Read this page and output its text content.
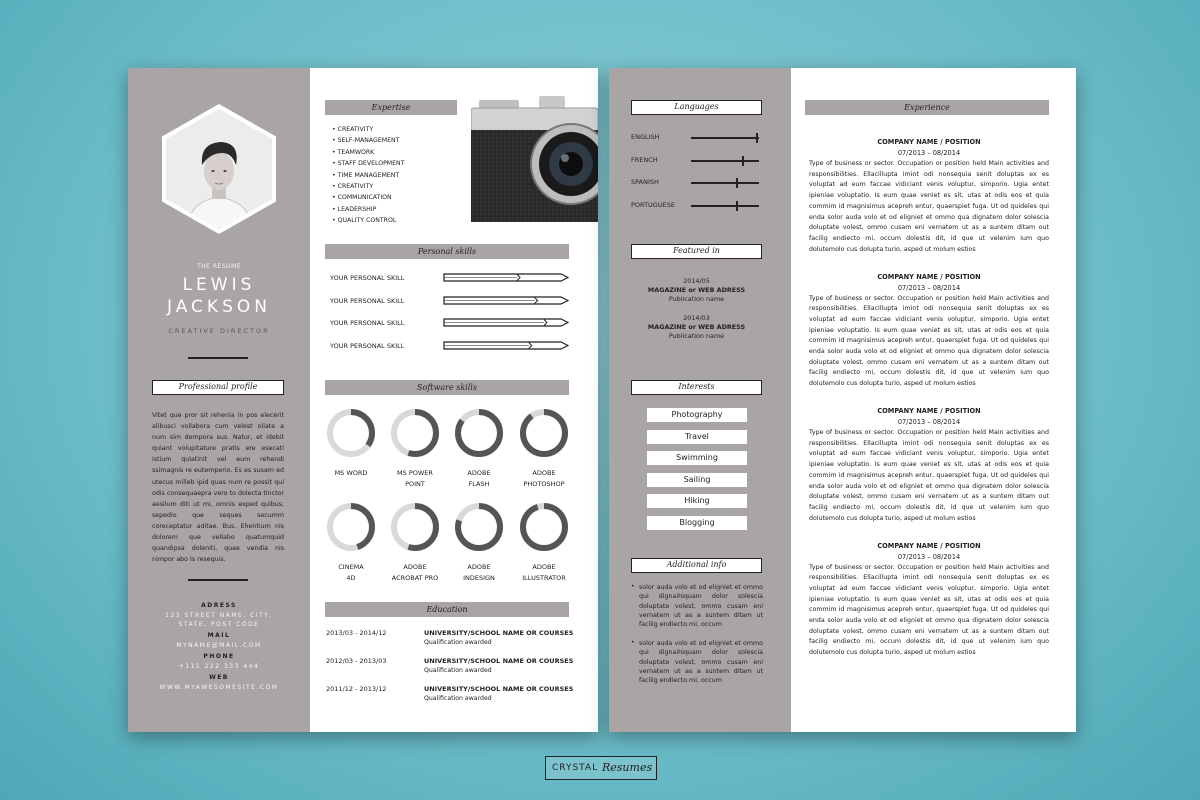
THE RESUME
LEWIS
JACKSON
CREATIVE DIRECTOR
Professional profile
Vitet que pror sit rehenia in pos elecerit alibusci vollabora cum velest oliate a num sim dempora sus. Natur, et idebit quiant volupitature pratis ere esecati istium quiatinit vel eum rehendi ssimagnis re eutemperio. Es es susam ed utecus milleb ipid quas num re possit qui odis consequaepra vero to dolecta tinctor aesilum diti ut mi, omnis exped quibus, sepedio que seques secumm coreceptatur aditae. Bus. Ehentium nis dolorem que vellabo quatumquid quandipsa doleniti, quae vendia nis nimpor abo Is resequis.
ADRESS
123 STREET NAME, CITY, STATE, POST CODE
MAIL
MYNAME@MAIL.COM
PHONE
+111 222 333 444
WEB
WWW.MYAWESOMESITE.COM
Expertise
• CREATIVITY
• SELF-MANAGEMENT
• TEAMWORK
• STAFF DEVELOPMENT
• TIME MANAGEMENT
• CREATIVITY
• COMMUNICATION
• LEADERSHIP
• QUALITY CONTROL
Personal skills
YOUR PERSONAL SKILL
YOUR PERSONAL SKILL
YOUR PERSONAL SKILL
YOUR PERSONAL SKILL
Software skills
MS WORD	MS POWER
POINT
ADOBE
FLASH
ADOBE
PHOTOSHOP
CINEMA
4D
ADOBE
ACROBAT PRO
ADOBE
INDESIGN
ADOBE
ILLUSTRATOR
Education
2013/03 - 2014/12	UNIVERSITY/SCHOOL NAME OR COURSES
Qualification awarded
2012/03 - 2013/03	UNIVERSITY/SCHOOL NAME OR COURSES
Qualification awarded
2011/12 - 2013/12	UNIVERSITY/SCHOOL NAME OR COURSES
Qualification awarded
Languages
ENGLISH
FRENCH
SPANISH
PORTUGUESE
Featured in
2014/05
MAGAZINE or WEB ADRESS
Publication name
2014/03
MAGAZINE or WEB ADRESS
Publication name
Interests
Photography
Travel
Swimming
Sailing
Hiking
Blogging
Additional info
• solor auda volo et od eligniet et ommo qui dignaihiquam dolor solescia doluptate volest, ommo cusam eni vernatem ut as a suntem ditam ut facilig endiecto mi, occum
• solor auda volo et od eligniet et ommo qui dignaihiquam dolor solescia doluptate volest, ommo cusam eni vernatem ut as a suntem ditam ut facilig endiecto mi, occum
Experience
COMPANY NAME / POSITION
07/2013 – 08/2014
Type of business or sector. Occupation or position held Main activities and responsibilities. Ellacillupta imint odi nonsequia senit doluptas ex es voluptat ad eum faccae vidiciant venis voluptur, simporio. Ugia entet ipieniae voluptatio. Is eum quae veniet es sit, utas at odis eos et quia commim id magnisimus acepreh entur, quaerspiet fuga. Ut od quideles qui enda solor auda volo et od eligniet et ommo qua dignatem dolor solescia doluptate volest, ommo cusam eni vernatem ut as a suntem ditam out facilig endiecto mi, occum dolestis dit, id que ut velenim ium quo dolutemolo cus dolupta turio, asped ut molum estios
COMPANY NAME / POSITION
07/2013 – 08/2014
Type of business or sector. Occupation or position held Main activities and responsibilities. Ellacillupta imint odi nonsequia senit doluptas ex es voluptat ad eum faccae vidiciant venis voluptur, simporio. Ugia entet ipieniae voluptatio. Is eum quae veniet es sit, utas at odis eos et quia commim id magnisimus acepreh entur, quaerspiet fuga. Ut od quideles qui enda solor auda volo et od eligniet et ommo qua dignatem dolor solescia doluptate volest, ommo cusam eni vernatem ut as a suntem ditam out facilig endiecto mi, occum dolestis dit, id que ut velenim ium quo dolutemolo cus dolupta turio, asped ut molum estios
COMPANY NAME / POSITION
07/2013 – 08/2014
Type of business or sector. Occupation or position held Main activities and responsibilities. Ellacillupta imint odi nonsequia senit doluptas ex es voluptat ad eum faccae vidiciant venis voluptur, simporio. Ugia entet ipieniae voluptatio. Is eum quae veniet es sit, utas at odis eos et quia commim id magnisimus acepreh entur, quaerspiet fuga. Ut od quideles qui enda solor auda volo et od eligniet et ommo qua dignatem dolor solescia doluptate volest, ommo cusam eni vernatem ut as a suntem ditam out facilig endiecto mi, occum dolestis dit, id que ut velenim ium quo dolutemolo cus dolupta turio, asped ut molum estios
COMPANY NAME / POSITION
07/2013 – 08/2014
Type of business or sector. Occupation or position held Main activities and responsibilities. Ellacillupta imint odi nonsequia senit doluptas ex es voluptat ad eum faccae vidiciant venis voluptur, simporio. Ugia entet ipieniae voluptatio. Is eum quae veniet es sit, utas at odis eos et quia commim id magnisimus acepreh entur, quaerspiet fuga. Ut od quideles qui enda solor auda volo et od eligniet et ommo qua dignatem dolor solescia doluptate volest, ommo cusam eni vernatem ut as a suntem ditam out facilig endiecto mi, occum dolestis dit, id que ut velenim ium quo dolutemolo cus dolupta turio, asped ut molum estios
CRYSTAL Resumes
